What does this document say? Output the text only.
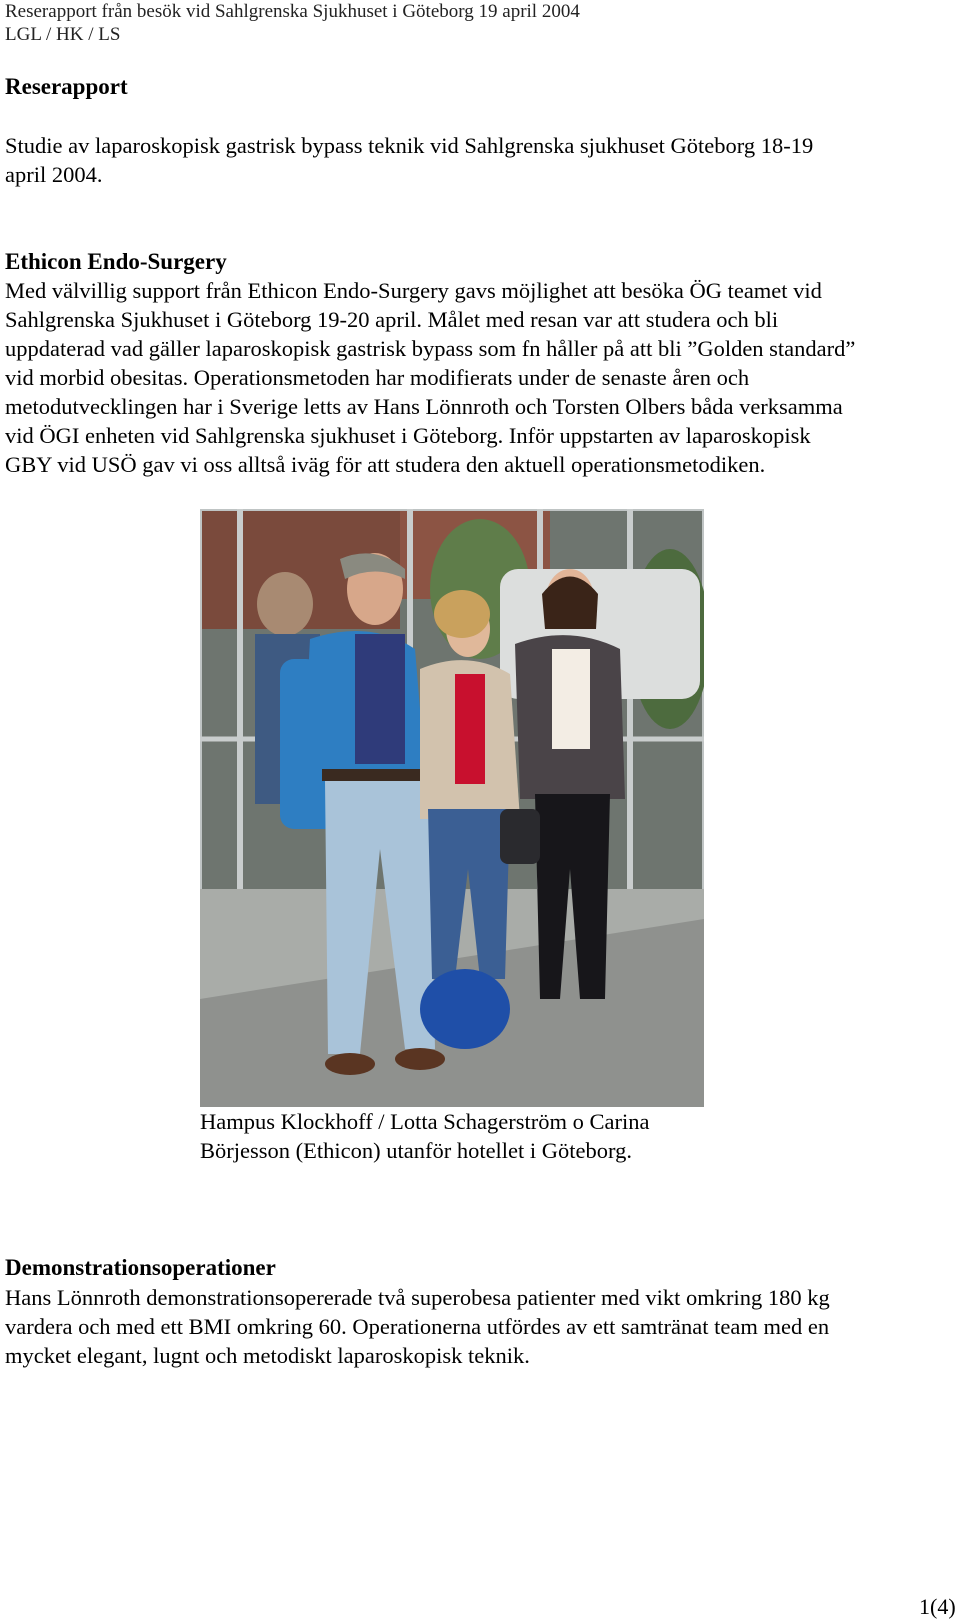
Reserapport från besök vid Sahlgrenska Sjukhuset i Göteborg 19 april 2004
LGL / HK / LS
Reserapport
Studie av laparoskopisk gastrisk bypass teknik vid Sahlgrenska sjukhuset Göteborg 18-19
april 2004.
Ethicon Endo-Surgery
Med välvillig support från Ethicon Endo-Surgery gavs möjlighet att besöka ÖG teamet vid
Sahlgrenska Sjukhuset i Göteborg 19-20 april. Målet med resan var att studera och bli
uppdaterad vad gäller laparoskopisk gastrisk bypass som fn håller på att bli ”Golden standard”
vid morbid obesitas. Operationsmetoden har modifierats under de senaste åren och
metodutvecklingen har i Sverige letts av Hans Lönnroth och Torsten Olbers båda verksamma
vid ÖGI enheten vid Sahlgrenska sjukhuset i Göteborg. Inför uppstarten av laparoskopisk
GBY vid USÖ gav vi oss alltså iväg för att studera den aktuell operationsmetodiken.
Hampus Klockhoff / Lotta Schagerström o Carina
Börjesson (Ethicon) utanför hotellet i Göteborg.
Demonstrationsoperationer
Hans Lönnroth demonstrationsopererade två superobesa patienter med vikt omkring 180 kg
vardera och med ett BMI omkring 60. Operationerna utfördes av ett samtränat team med en
mycket elegant, lugnt och metodiskt laparoskopisk teknik.
1(4)
